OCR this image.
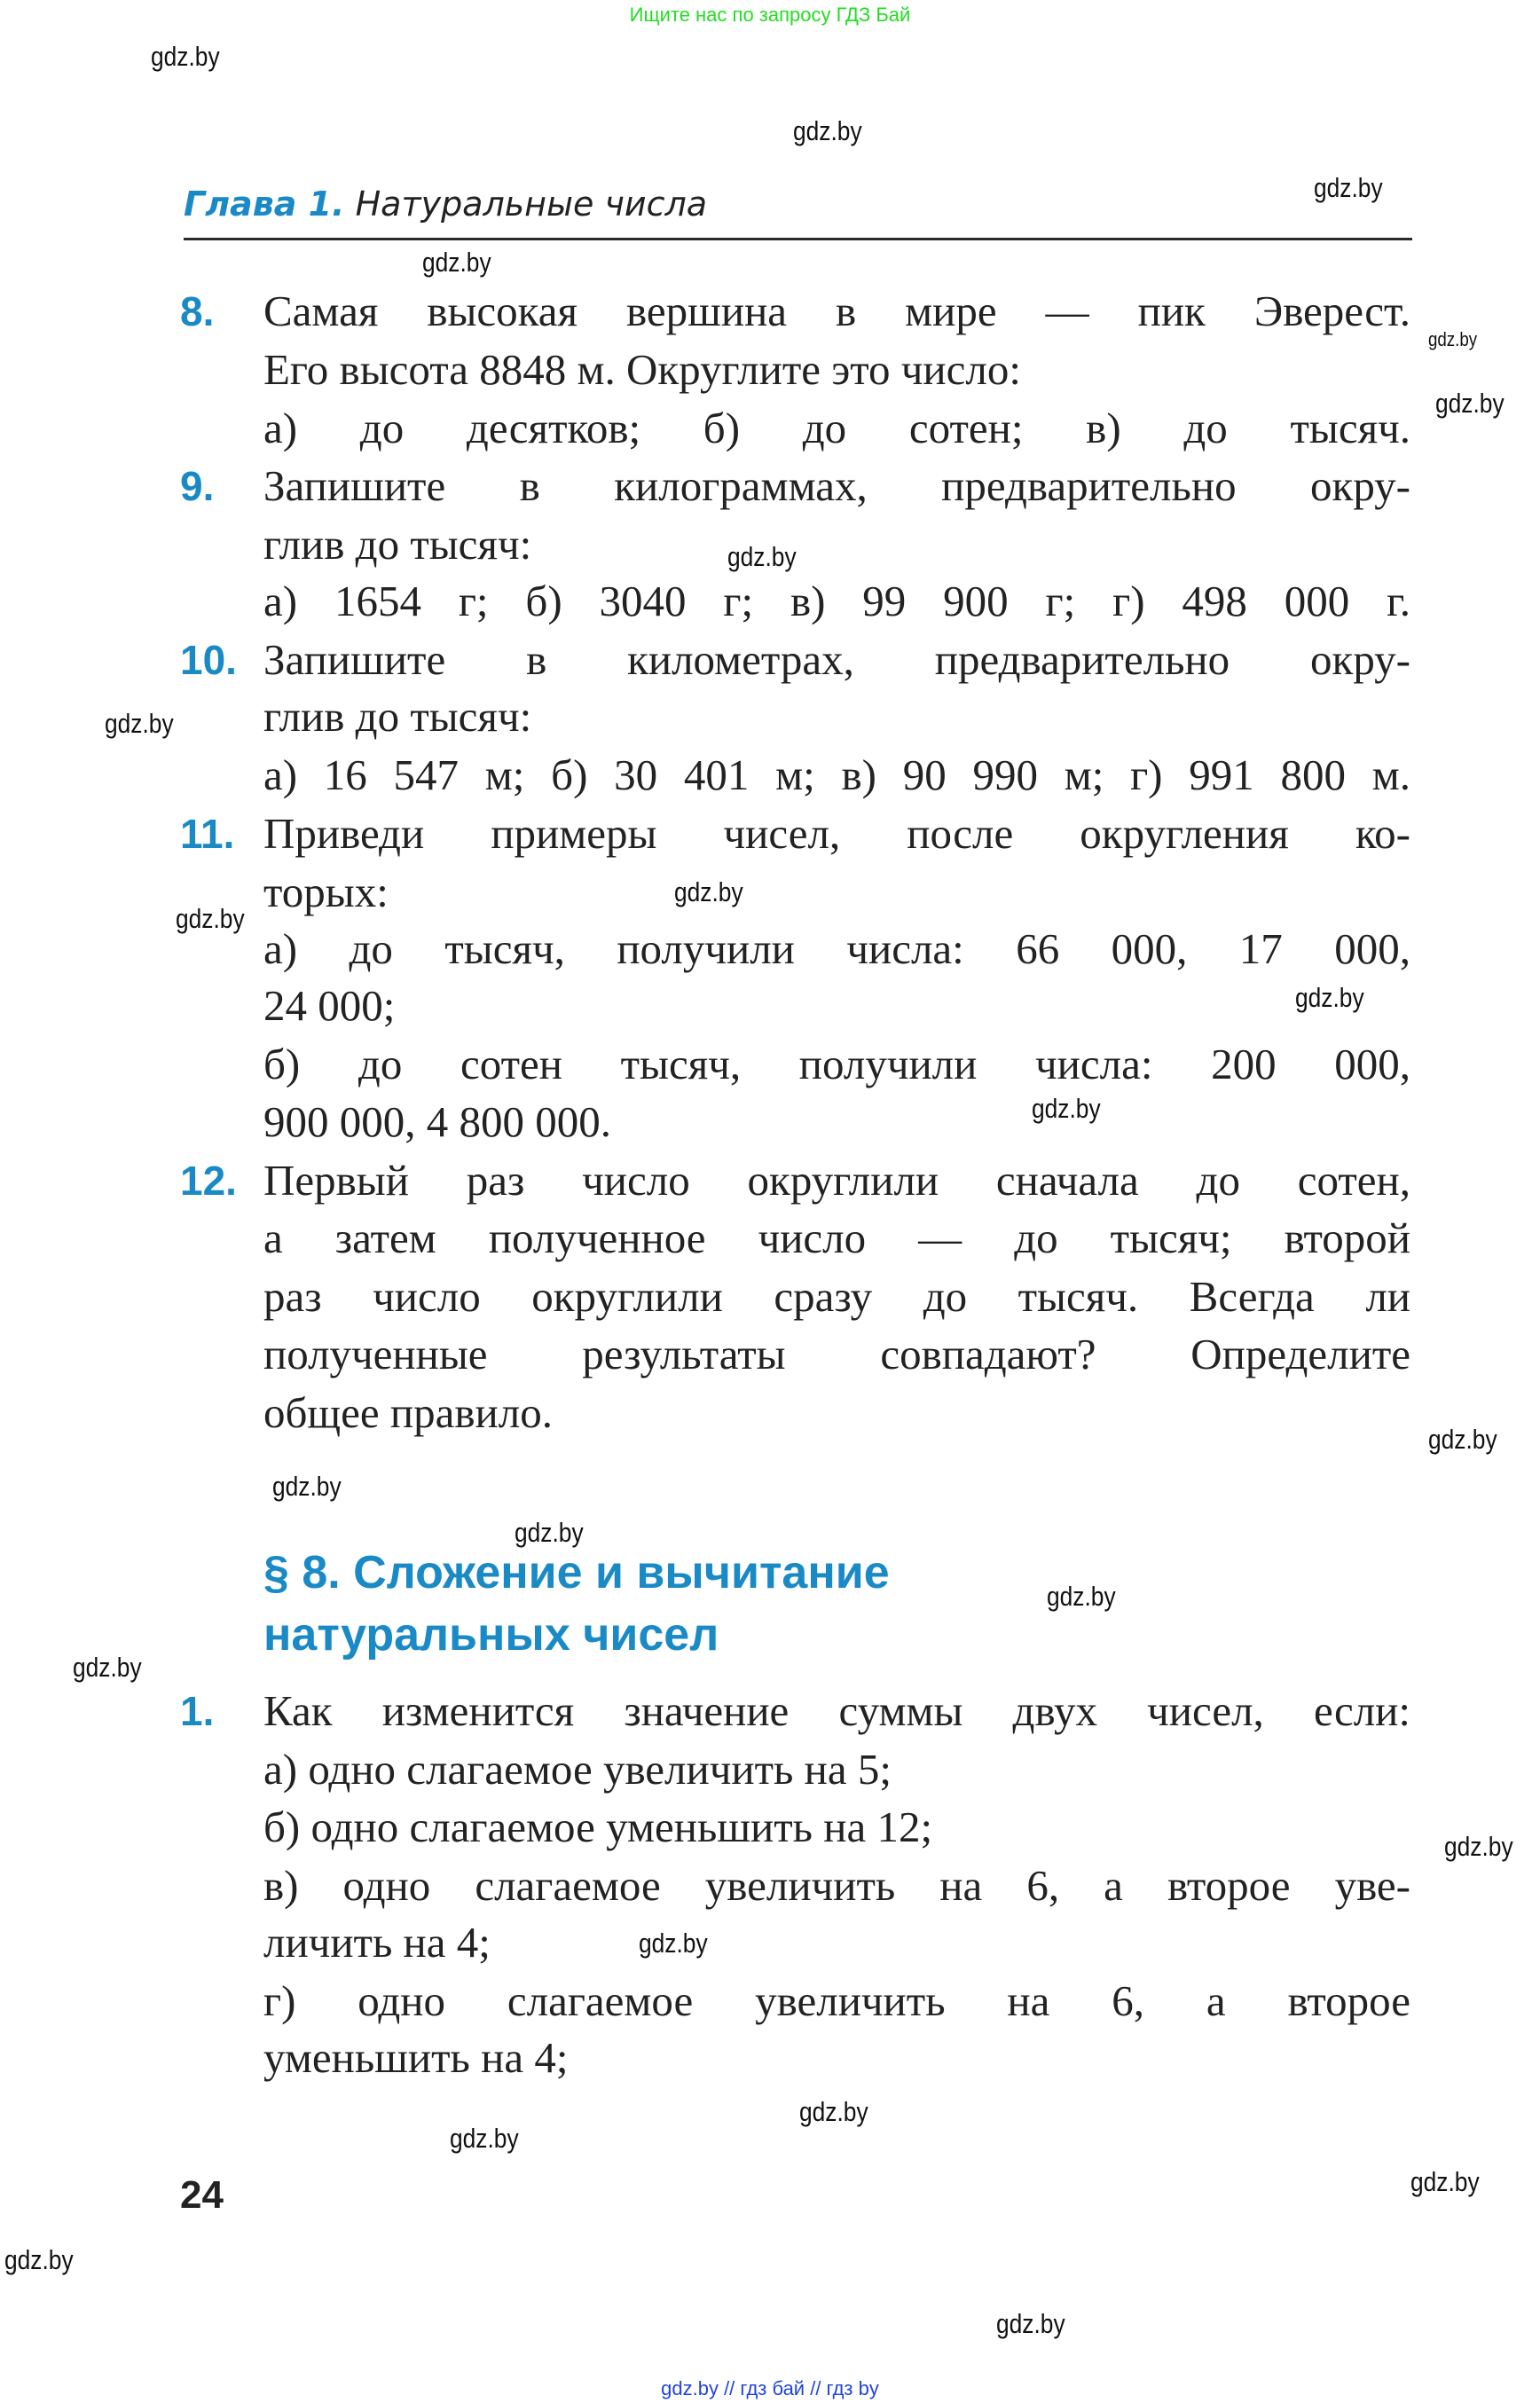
Ищите нас по запросу ГДЗ Бай
Глава 1. Натуральные числа
8. Самая высокая вершина в мире — пик Эверест.
Его высота 8848 м. Округлите это число:
а) до десятков; б) до сотен; в) до тысяч.
9. Запишите в килограммах, предварительно окру-
глив до тысяч:
а) 1654 г; б) 3040 г; в) 99 900 г; г) 498 000 г.
10. Запишите в километрах, предварительно окру-
глив до тысяч:
а) 16 547 м; б) 30 401 м; в) 90 990 м; г) 991 800 м.
11. Приведи примеры чисел, после округления ко-
торых:
а) до тысяч, получили числа: 66 000, 17 000,
24 000;
б) до сотен тысяч, получили числа: 200 000,
900 000, 4 800 000.
12. Первый раз число округлили сначала до сотен,
а затем полученное число — до тысяч; второй
раз число округлили сразу до тысяч. Всегда ли
полученные результаты совпадают? Определите
общее правило.
1. Как изменится значение суммы двух чисел, если:
а) одно слагаемое увеличить на 5;
б) одно слагаемое уменьшить на 12;
в) одно слагаемое увеличить на 6, а второе уве-
личить на 4;
г) одно слагаемое увеличить на 6, а второе
уменьшить на 4;
§ 8. Сложение и вычитание
натуральных чисел
24
gdz.by
gdz.by
gdz.by
gdz.by
gdz.by
gdz.by
gdz.by
gdz.by
gdz.by
gdz.by
gdz.by
gdz.by
gdz.by
gdz.by
gdz.by
gdz.by
gdz.by
gdz.by
gdz.by
gdz.by
gdz.by
gdz.by
gdz.by
gdz.by
gdz.by // гдз бай // гдз by
